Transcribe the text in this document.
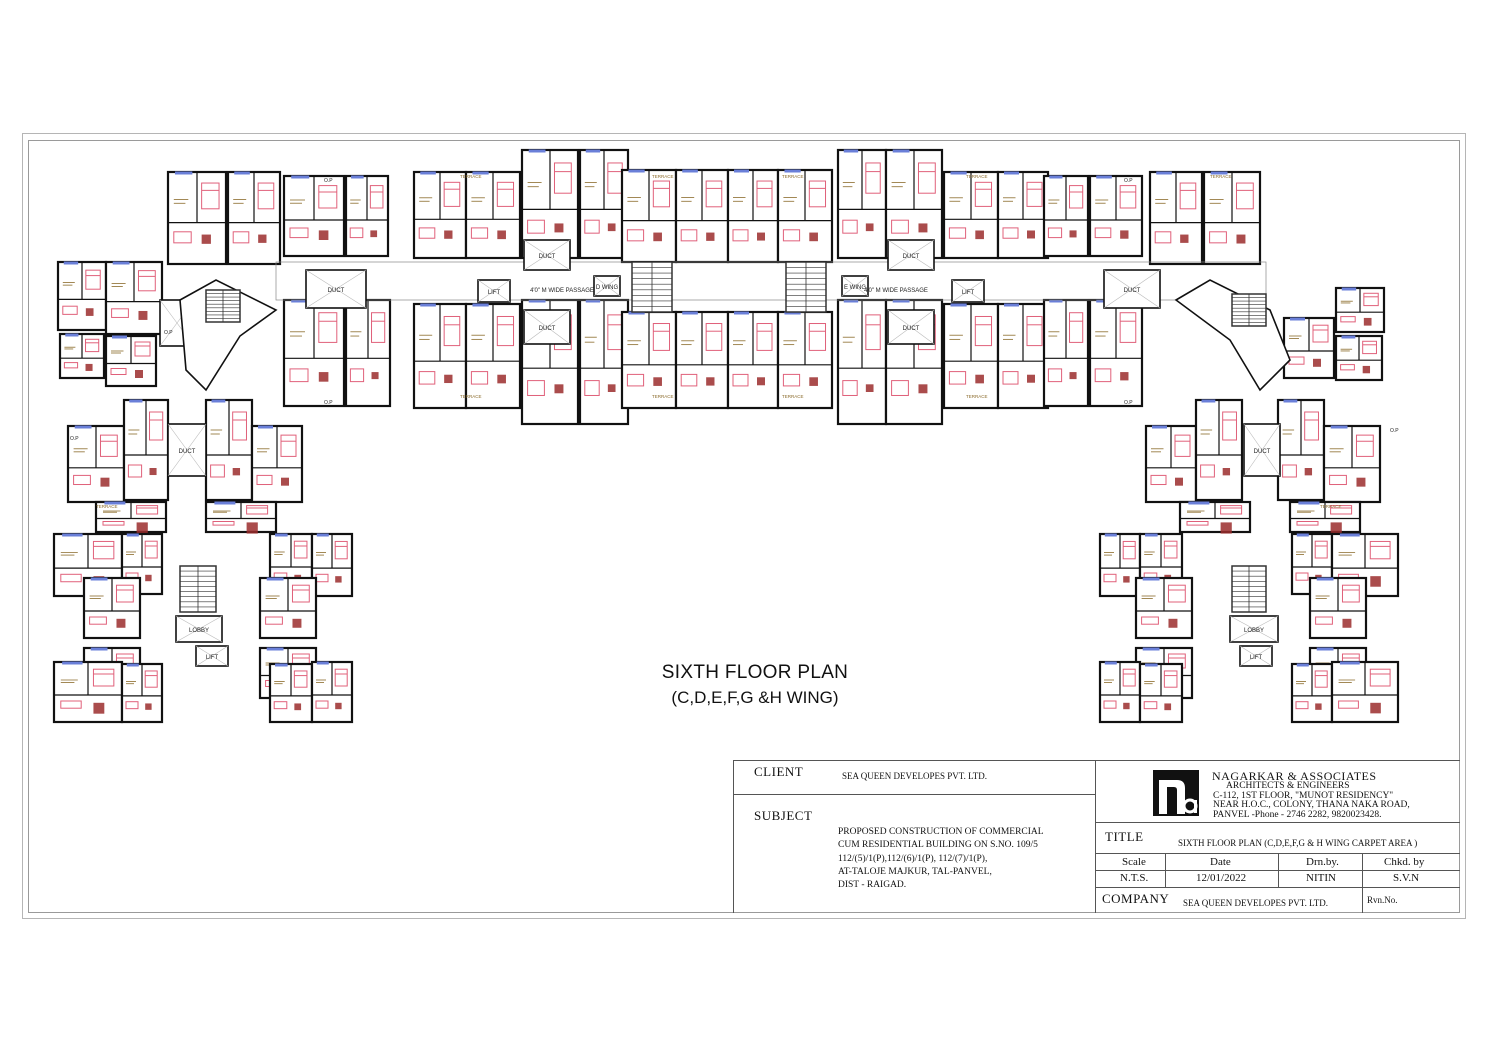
DUCT	DUCT
DUCT	DUCT
DUCT	DUCT
LIFT	LIFT
D WING	E WING
DUCT	DUCT
LOBBY
LIFT
LOBBY
LIFT
4'0" M WIDE PASSAGE	4'0" M WIDE PASSAGE
TERRACE	TERRACE	TERRACE	TERRACE	TERRACE
TERRACE	TERRACE	TERRACE	TERRACE
TERRACE	TERRACE
O.P	O.P
O.P	O.P
O.P
O.P
O.P
SIXTH FLOOR PLAN
(C,D,E,F,G &H WING)
CLIENT	SEA QUEEN DEVELOPES PVT. LTD.
SUBJECT
PROPOSED CONSTRUCTION OF COMMERCIAL
CUM RESIDENTIAL BUILDING ON S.NO. 109/5
112/(5)/1(P),112/(6)/1(P), 112/(7)/1(P),
AT-TALOJE MAJKUR, TAL-PANVEL,
DIST - RAIGAD.
NAGARKAR & ASSOCIATES
ARCHITECTS & ENGINEERS
C-112, 1ST FLOOR, "MUNOT RESIDENCY"
NEAR H.O.C., COLONY, THANA NAKA ROAD,
PANVEL -Phone - 2746 2282, 9820023428.
TITLE	SIXTH FLOOR PLAN (C,D,E,F,G & H WING CARPET AREA )
Scale	Date	Drn.by.	Chkd. by
N.T.S.	12/01/2022	NITIN	S.V.N
COMPANY SEA QUEEN DEVELOPES PVT. LTD.	Rvn.No.
